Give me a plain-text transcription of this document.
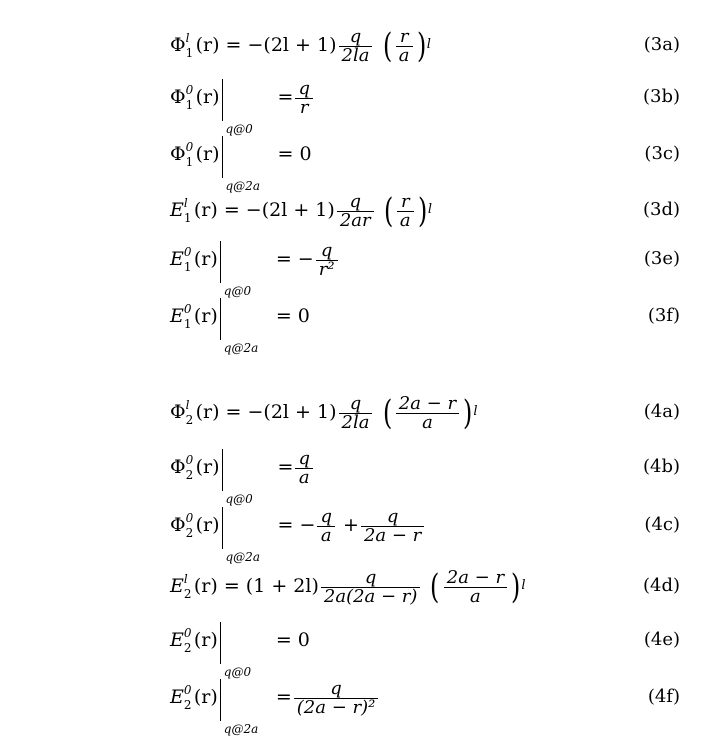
Φ l
1 $(r) = -(2l + 1) \frac{q}{2la}$ ( $\frac{r}{a} )l$	(3a)
Φ 0
1 (r)
q@0
= $\frac{q}{r}$	(3b)
Φ 0
1 (r)
q@2a
= 0	(3c)
E l
1 $(r) = -(2l + 1) \frac{q}{2ar}$ ( $\frac{r}{a} )l$	(3d)
E 0
1 (r)
q@0
= − $\frac{q}{\text{r²}}$	(3e)
E 0
1 (r)
q@2a
= 0	(3f)
Φ l
2 $(r) = -(2l + 1) \frac{q}{2la}$ ( $\frac{2a - r}{a} )l$	(4a)
Φ 0
2 (r)
q@0
= $\frac{q}{a}$	(4b)
Φ 0
2 (r)
q@2a
= − $\frac{q}{a} + \frac{q}{2a - r}$	(4c)
E l
2 $(r) = (1 + 2l) \frac{q}{2a(2a - r)}$ ( $\frac{2a - r}{a} )l$	(4d)
E 0
2 (r)
q@0
= 0	(4e)
E 0
2 (r)
q@2a
= $\frac{q}{\text{(2a − r)²}}$	(4f)
